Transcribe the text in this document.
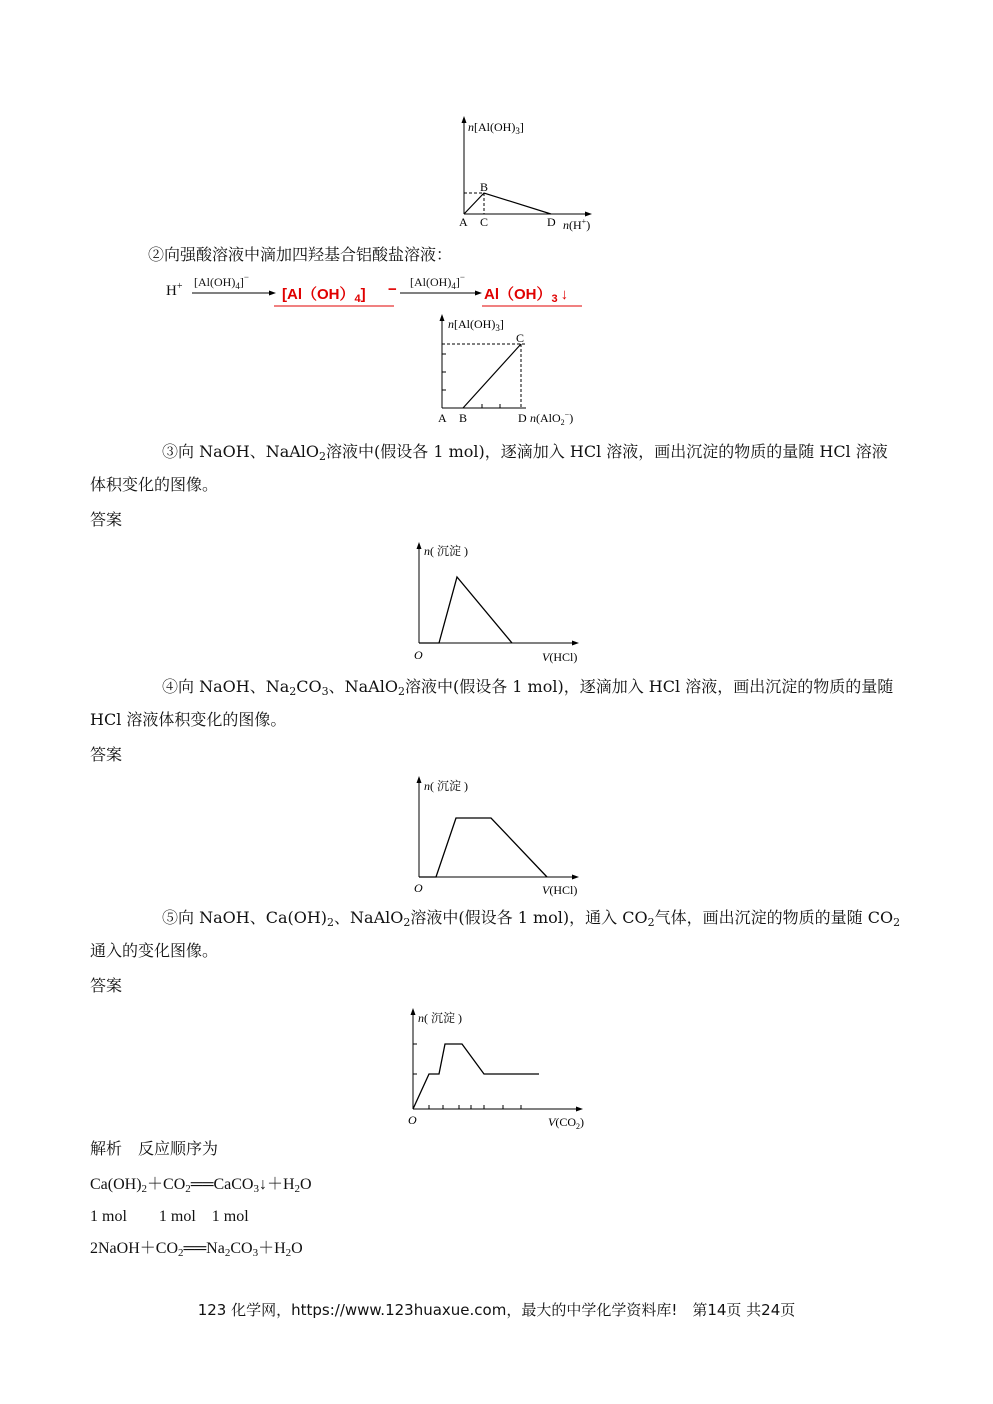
$n[Al(OH)_3]$
A
B
C	D n(H+)
②向强酸溶液中滴加四羟基合铝酸盐溶液：
H+ $[Al(OH)_4]^-$
$[Al(OH)_4] - [Al(OH)_4]^-$
$Al(OH)_3$ ↓
$n[Al(OH)_3]$
A B
C
D n(AlO$_2$−)
③向 NaOH、NaAlO$_2$溶液中(假设各 1 mol)，逐滴加入 HCl 溶液，画出沉淀的物质的量随 HCl 溶液
体积变化的图像。
答案
n( 沉淀 )
O	V(HCl)
④向 NaOH、$Na_2CO_3$、NaAlO$_2$溶液中(假设各 1 mol)，逐滴加入 HCl 溶液，画出沉淀的物质的量随
HCl 溶液体积变化的图像。
答案
n( 沉淀 )
O	V(HCl)
⑤向 NaOH、$Ca(OH)_2$、NaAlO$_2$溶液中(假设各 1 mol)，通入 $CO_2$气体，画出沉淀的物质的量随 $CO_2$
通入的变化图像。
答案
n( 沉淀 )
O	$V(CO_2)$
解析　反应顺序为
$Ca(OH)_2+CO_2══CaCO_3↓+H_2O$
1 mol　　1 mol　1 mol
$2NaOH+CO_2══Na_2CO_3+H_2O$
123 化学网，https://www.123huaxue.com，最大的中学化学资料库!　第14页 共24页
